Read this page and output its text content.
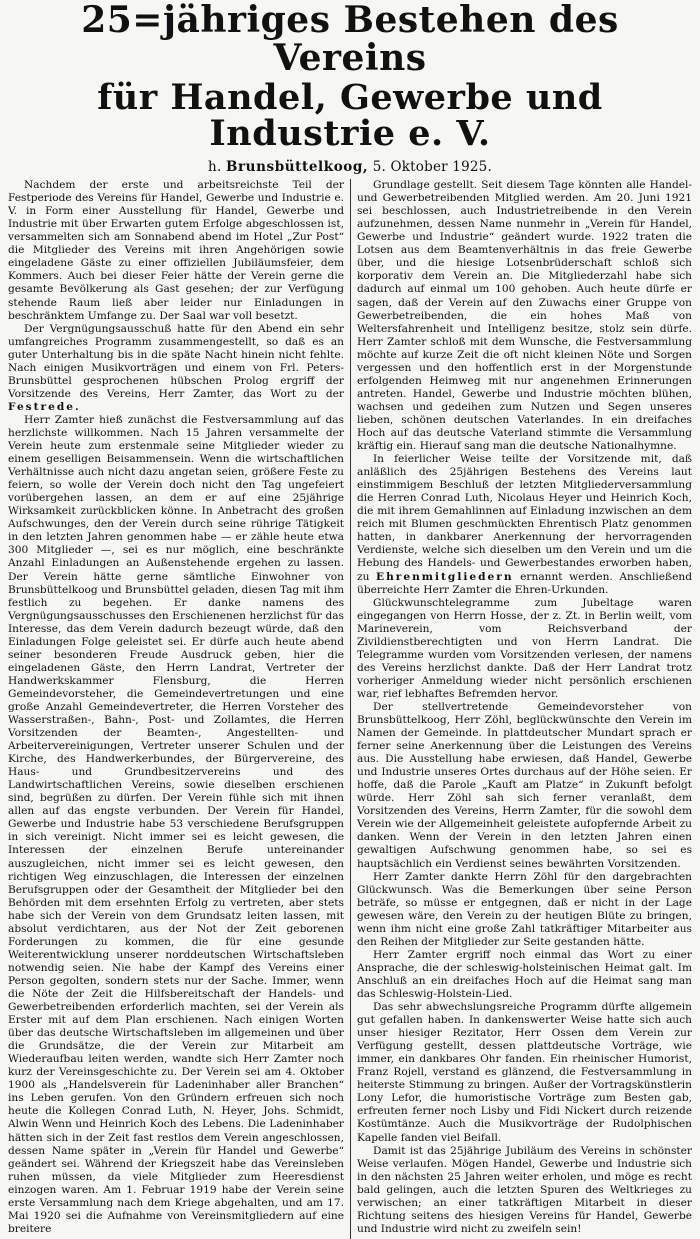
25=jähriges Bestehen des Vereins
für Handel, Gewerbe und Industrie e. V.
h. Brunsbüttelkoog, 5. Oktober 1925.

Nachdem der erste und arbeitsreichste Teil der Festperiode des Vereins für Handel, Gewerbe und Industrie e. V. in Form einer Ausstellung für Handel, Gewerbe und Industrie mit über Erwarten gutem Erfolge abgeschlossen ist, versammelten sich am Sonnabend abend im Hotel „Zur Post“ die Mitglieder des Vereins mit ihren Angehörigen sowie eingeladene Gäste zu einer offiziellen Jubiläumsfeier, dem Kommers. Auch bei dieser Feier hätte der Verein gerne die gesamte Bevölkerung als Gast gesehen; der zur Verfügung stehende Raum ließ aber leider nur Einladungen in beschränktem Umfange zu. Der Saal war voll besetzt.

Der Vergnügungsausschuß hatte für den Abend ein sehr umfangreiches Programm zusammengestellt, so daß es an guter Unterhaltung bis in die späte Nacht hinein nicht fehlte. Nach einigen Musikvorträgen und einem von Frl. Peters-Brunsbüttel gesprochenen hübschen Prolog ergriff der Vorsitzende des Vereins, Herr Zamter, das Wort zu der Festrede.

Herr Zamter hieß zunächst die Festversammlung auf das herzlichste willkommen. Nach 15 Jahren versammelte der Verein heute zum erstenmale seine Mitglieder wieder zu einem geselligen Beisammensein. Wenn die wirtschaftlichen Verhältnisse auch nicht dazu angetan seien, größere Feste zu feiern, so wolle der Verein doch nicht den Tag ungefeiert vorübergehen lassen, an dem er auf eine 25jährige Wirksamkeit zurückblicken könne. In Anbetracht des großen Aufschwunges, den der Verein durch seine rührige Tätigkeit in den letzten Jahren genommen habe — er zähle heute etwa 300 Mitglieder —, sei es nur möglich, eine beschränkte Anzahl Einladungen an Außenstehende ergehen zu lassen. Der Verein hätte gerne sämtliche Einwohner von Brunsbüttelkoog und Brunsbüttel geladen, diesen Tag mit ihm festlich zu begehen. Er danke namens des Vergnügungsausschusses den Erschienenen herzlichst für das Interesse, das dem Verein dadurch bezeugt würde, daß den Einladungen Folge geleistet sei. Er dürfe auch heute abend seiner besonderen Freude Ausdruck geben, hier die eingeladenen Gäste, den Herrn Landrat, Vertreter der Handwerkskammer Flensburg, die Herren Gemeindevorsteher, die Gemeindevertretungen und eine große Anzahl Gemeindevertreter, die Herren Vorsteher des Wasserstraßen-, Bahn-, Post- und Zollamtes, die Herren Vorsitzenden der Beamten-, Angestellten- und Arbeitervereinigungen, Vertreter unserer Schulen und der Kirche, des Handwerkerbundes, der Bürgervereine, des Haus- und Grundbesitzervereins und des Landwirtschaftlichen Vereins, sowie dieselben erschienen sind, begrüßen zu dürfen. Der Verein fühle sich mit ihnen allen auf das engste verbunden. Der Verein für Handel, Gewerbe und Industrie habe 53 verschiedene Berufsgruppen in sich vereinigt. Nicht immer sei es leicht gewesen, die Interessen der einzelnen Berufe untereinander auszugleichen, nicht immer sei es leicht gewesen, den richtigen Weg einzuschlagen, die Interessen der einzelnen Berufsgruppen oder der Gesamtheit der Mitglieder bei den Behörden mit dem ersehnten Erfolg zu vertreten, aber stets habe sich der Verein von dem Grundsatz leiten lassen, mit absolut verdichtaren, aus der Not der Zeit geborenen Forderungen zu kommen, die für eine gesunde Weiterentwicklung unserer norddeutschen Wirtschaftsleben notwendig seien. Nie habe der Kampf des Vereins einer Person gegolten, sondern stets nur der Sache. Immer, wenn die Nöte der Zeit die Hilfsbereitschaft der Handels- und Gewerbetreibenden erforderlich machten, sei der Verein als Erster mit auf dem Plan erschienen. Nach einigen Worten über das deutsche Wirtschaftsleben im allgemeinen und über die Grundsätze, die der Verein zur Mitarbeit am Wiederaufbau leiten werden, wandte sich Herr Zamter noch kurz der Vereinsgeschichte zu. Der Verein sei am 4. Oktober 1900 als „Handelsverein für Ladeninhaber aller Branchen“ ins Leben gerufen. Von den Gründern erfreuen sich noch heute die Kollegen Conrad Luth, N. Heyer, Johs. Schmidt, Alwin Wenn und Heinrich Koch des Lebens. Die Ladeninhaber hätten sich in der Zeit fast restlos dem Verein angeschlossen, dessen Name später in „Verein für Handel und Gewerbe“ geändert sei. Während der Kriegszeit habe das Vereinsleben ruhen müssen, da viele Mitglieder zum Heeresdienst einzogen waren. Am 1. Februar 1919 habe der Verein seine erste Versammlung nach dem Kriege abgehalten, und am 17. Mai 1920 sei die Aufnahme von Vereinsmitgliedern auf eine breitere

Grundlage gestellt. Seit diesem Tage könnten alle Handel- und Gewerbetreibenden Mitglied werden. Am 20. Juni 1921 sei beschlossen, auch Industrietreibende in den Verein aufzunehmen, dessen Name nunmehr in „Verein für Handel, Gewerbe und Industrie“ geändert wurde. 1922 traten die Lotsen aus dem Beamtenverhältnis in das freie Gewerbe über, und die hiesige Lotsenbrüderschaft schloß sich korporativ dem Verein an. Die Mitgliederzahl habe sich dadurch auf einmal um 100 gehoben. Auch heute dürfe er sagen, daß der Verein auf den Zuwachs einer Gruppe von Gewerbetreibenden, die ein hohes Maß von Weltersfahrenheit und Intelligenz besitze, stolz sein dürfe. Herr Zamter schloß mit dem Wunsche, die Festversammlung möchte auf kurze Zeit die oft nicht kleinen Nöte und Sorgen vergessen und den hoffentlich erst in der Morgenstunde erfolgenden Heimweg mit nur angenehmen Erinnerungen antreten. Handel, Gewerbe und Industrie möchten blühen, wachsen und gedeihen zum Nutzen und Segen unseres lieben, schönen deutschen Vaterlandes. In ein dreifaches Hoch auf das deutsche Vaterland stimmte die Versammlung kräftig ein. Hierauf sang man die deutsche Nationalhymne.

In feierlicher Weise teilte der Vorsitzende mit, daß anläßlich des 25jährigen Bestehens des Vereins laut einstimmigem Beschluß der letzten Mitgliederversammlung die Herren Conrad Luth, Nicolaus Heyer und Heinrich Koch, die mit ihrem Gemahlinnen auf Einladung inzwischen an dem reich mit Blumen geschmückten Ehrentisch Platz genommen hatten, in dankbarer Anerkennung der hervorragenden Verdienste, welche sich dieselben um den Verein und um die Hebung des Handels- und Gewerbestandes erworben haben, zu Ehrenmitgliedern ernannt werden. Anschließend überreichte Herr Zamter die Ehren-Urkunden.

Glückwunschtelegramme zum Jubeltage waren eingegangen von Herrn Hosse, der z. Zt. in Berlin weilt, vom Marineverein, vom Reichsverband der Zivildienstberechtigten und von Herrn Landrat. Die Telegramme wurden vom Vorsitzenden verlesen, der namens des Vereins herzlichst dankte. Daß der Herr Landrat trotz vorheriger Anmeldung wieder nicht persönlich erschienen war, rief lebhaftes Befremden hervor.

Der stellvertretende Gemeindevorsteher von Brunsbüttelkoog, Herr Zöhl, beglückwünschte den Verein im Namen der Gemeinde. In plattdeutscher Mundart sprach er ferner seine Anerkennung über die Leistungen des Vereins aus. Die Ausstellung habe erwiesen, daß Handel, Gewerbe und Industrie unseres Ortes durchaus auf der Höhe seien. Er hoffe, daß die Parole „Kauft am Platze“ in Zukunft befolgt würde. Herr Zöhl sah sich ferner veranlaßt, dem Vorsitzenden des Vereins, Herrn Zamter, für die sowohl dem Verein wie der Allgemeinheit geleistete aufopfernde Arbeit zu danken. Wenn der Verein in den letzten Jahren einen gewaltigen Aufschwung genommen habe, so sei es hauptsächlich ein Verdienst seines bewährten Vorsitzenden.

Herr Zamter dankte Herrn Zöhl für den dargebrachten Glückwunsch. Was die Bemerkungen über seine Person beträfe, so müsse er entgegnen, daß er nicht in der Lage gewesen wäre, den Verein zu der heutigen Blüte zu bringen, wenn ihm nicht eine große Zahl tatkräftiger Mitarbeiter aus den Reihen der Mitglieder zur Seite gestanden hätte.

Herr Zamter ergriff noch einmal das Wort zu einer Ansprache, die der schleswig-holsteinischen Heimat galt. Im Anschluß an ein dreifaches Hoch auf die Heimat sang man das Schleswig-Holstein-Lied.

Das sehr abwechslungsreiche Programm dürfte allgemein gut gefallen haben. In dankenswerter Weise hatte sich auch unser hiesiger Rezitator, Herr Ossen dem Verein zur Verfügung gestellt, dessen plattdeutsche Vorträge, wie immer, ein dankbares Ohr fanden. Ein rheinischer Humorist, Franz Rojell, verstand es glänzend, die Festversammlung in heiterste Stimmung zu bringen. Außer der Vortragskünstlerin Lony Lefor, die humoristische Vorträge zum Besten gab, erfreuten ferner noch Lisby und Fidi Nickert durch reizende Kostümtänze. Auch die Musikvorträge der Rudolphischen Kapelle fanden viel Beifall.

Damit ist das 25jährige Jubiläum des Vereins in schönster Weise verlaufen. Mögen Handel, Gewerbe und Industrie sich in den nächsten 25 Jahren weiter erholen, und möge es recht bald gelingen, auch die letzten Spuren des Weltkrieges zu verwischen; an einer tatkräftigen Mitarbeit in dieser Richtung seitens des hiesigen Vereins für Handel, Gewerbe und Industrie wird nicht zu zweifeln sein!
